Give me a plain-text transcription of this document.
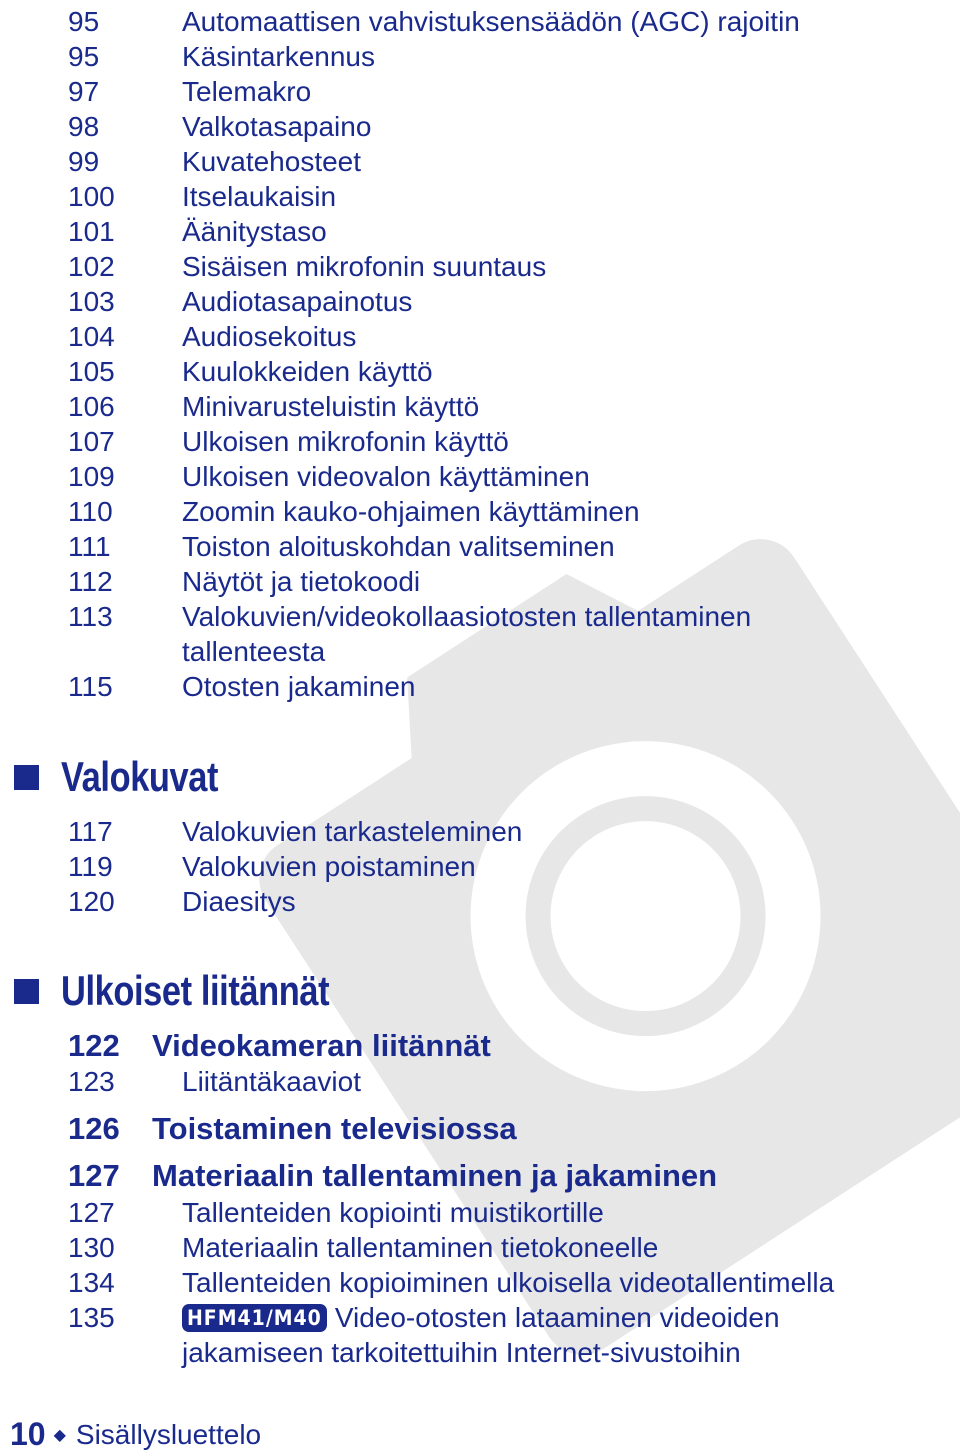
95	Automaattisen vahvistuksensäädön (AGC) rajoitin
95	Käsintarkennus
97	Telemakro
98	Valkotasapaino
99	Kuvatehosteet
100 Itselaukaisin
101 Äänitystaso
102 Sisäisen mikrofonin suuntaus
103 Audiotasapainotus
104 Audiosekoitus
105 Kuulokkeiden käyttö
106 Minivarusteluistin käyttö
107 Ulkoisen mikrofonin käyttö
109 Ulkoisen videovalon käyttäminen
110 Zoomin kauko-ohjaimen käyttäminen
111	Toiston aloituskohdan valitseminen
112 Näytöt ja tietokoodi
113 Valokuvien/videokollaasiotosten tallentaminen
tallenteesta
115 Otosten jakaminen
Valokuvat
117 Valokuvien tarkasteleminen
119 Valokuvien poistaminen
120 Diaesitys
Ulkoiset liitännät
122 Videokameran liitännät
123 Liitäntäkaaviot
126 Toistaminen televisiossa
127 Materiaalin tallentaminen ja jakaminen
127 Tallenteiden kopiointi muistikortille
130 Materiaalin tallentaminen tietokoneelle
134 Tallenteiden kopioiminen ulkoisella videotallentimella
135	HFM41/M40 Video-otosten lataaminen videoiden
jakamiseen tarkoitettuihin Internet-sivustoihin
10 ◆ Sisällysluettelo
